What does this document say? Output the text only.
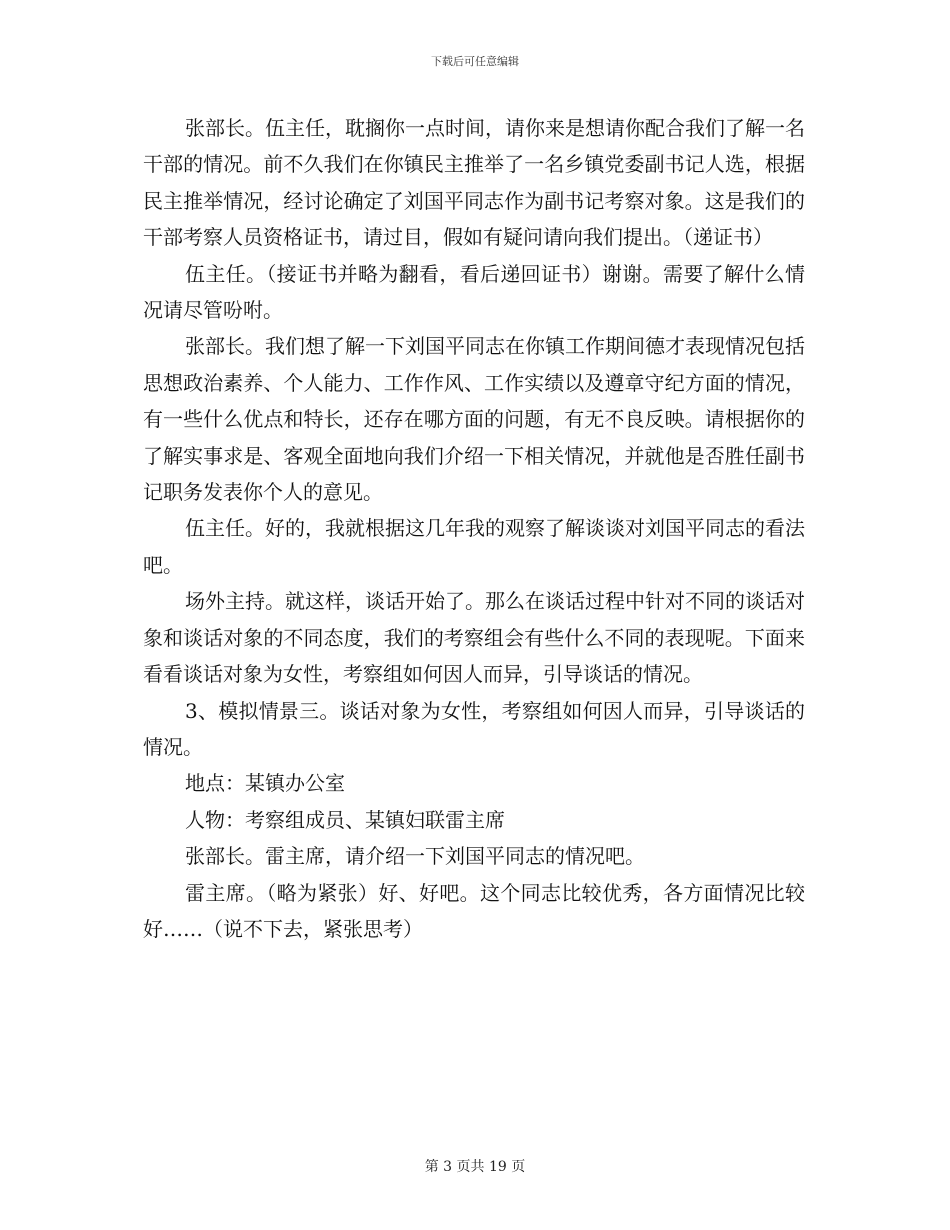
下载后可任意编辑

张部长。伍主任，耽搁你一点时间，请你来是想请你配合我们了解一名干部的情况。前不久我们在你镇民主推举了一名乡镇党委副书记人选，根据民主推举情况，经讨论确定了刘国平同志作为副书记考察对象。这是我们的干部考察人员资格证书，请过目，假如有疑问请向我们提出。（递证书）

伍主任。（接证书并略为翻看，看后递回证书）谢谢。需要了解什么情况请尽管吩咐。

张部长。我们想了解一下刘国平同志在你镇工作期间德才表现情况包括思想政治素养、个人能力、工作作风、工作实绩以及遵章守纪方面的情况，有一些什么优点和特长，还存在哪方面的问题，有无不良反映。请根据你的了解实事求是、客观全面地向我们介绍一下相关情况，并就他是否胜任副书记职务发表你个人的意见。

伍主任。好的，我就根据这几年我的观察了解谈谈对刘国平同志的看法吧。

场外主持。就这样，谈话开始了。那么在谈话过程中针对不同的谈话对象和谈话对象的不同态度，我们的考察组会有些什么不同的表现呢。下面来看看谈话对象为女性，考察组如何因人而异，引导谈话的情况。

3、模拟情景三。谈话对象为女性，考察组如何因人而异，引导谈话的情况。

地点：某镇办公室

人物：考察组成员、某镇妇联雷主席

张部长。雷主席，请介绍一下刘国平同志的情况吧。

雷主席。（略为紧张）好、好吧。这个同志比较优秀，各方面情况比较好……（说不下去，紧张思考）

第 3 页共 19 页
